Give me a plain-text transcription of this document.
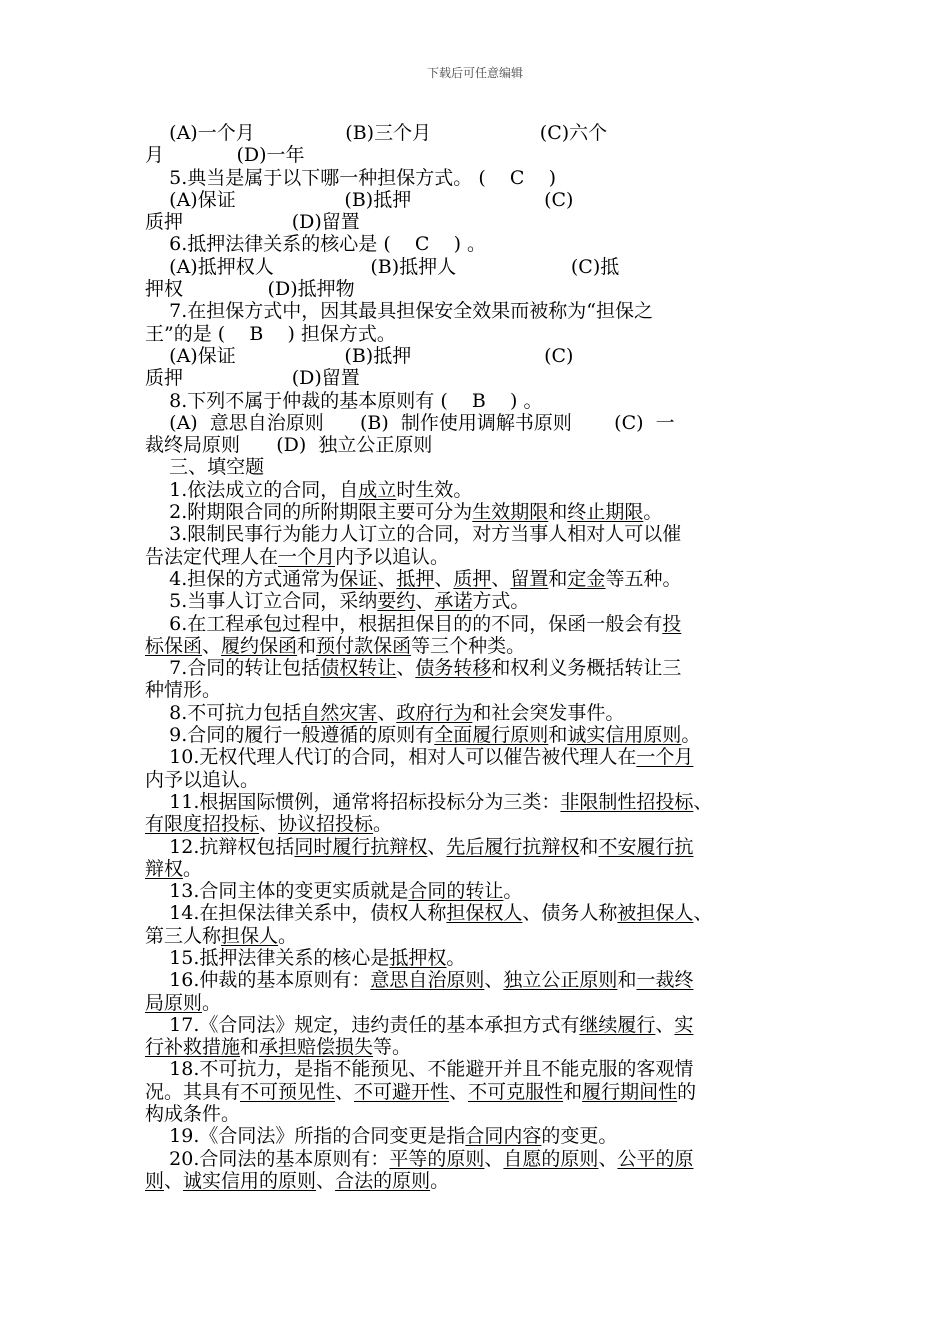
下载后可任意编辑

(A)一个月               (B)三个月                  (C)六个

月            (D)一年

5.典当是属于以下哪一种担保方式。 (    C    )

(A)保证                  (B)抵押                      (C)

质押                  (D)留置

6.抵押法律关系的核心是 (    C    ) 。

(A)抵押权人                (B)抵押人                   (C)抵

押权              (D)抵押物

7.在担保方式中，因其最具担保安全效果而被称为“担保之

王”的是 (    B    ) 担保方式。

(A)保证                  (B)抵押                      (C)

质押                  (D)留置

8.下列不属于仲裁的基本原则有 (    B    ) 。

(A)  意思自治原则      (B)  制作使用调解书原则       (C)  一

裁终局原则      (D)  独立公正原则

三、填空题

1.依法成立的合同，自成立时生效。

2.附期限合同的所附期限主要可分为生效期限和终止期限。

3.限制民事行为能力人订立的合同，对方当事人相对人可以催

告法定代理人在一个月内予以追认。

4.担保的方式通常为保证、抵押、质押、留置和定金等五种。

5.当事人订立合同，采纳要约、承诺方式。

6.在工程承包过程中，根据担保目的的不同，保函一般会有投

标保函、履约保函和预付款保函等三个种类。

7.合同的转让包括债权转让、债务转移和权利义务概括转让三

种情形。

8.不可抗力包括自然灾害、政府行为和社会突发事件。

9.合同的履行一般遵循的原则有全面履行原则和诚实信用原则。

10.无权代理人代订的合同，相对人可以催告被代理人在一个月

内予以追认。

11.根据国际惯例，通常将招标投标分为三类：非限制性招投标、

有限度招投标、协议招投标。

12.抗辩权包括同时履行抗辩权、先后履行抗辩权和不安履行抗

辩权。

13.合同主体的变更实质就是合同的转让。

14.在担保法律关系中，债权人称担保权人、债务人称被担保人、

第三人称担保人。

15.抵押法律关系的核心是抵押权。

16.仲裁的基本原则有：意思自治原则、独立公正原则和一裁终

局原则。

17.《合同法》规定，违约责任的基本承担方式有继续履行、实

行补救措施和承担赔偿损失等。

18.不可抗力，是指不能预见、不能避开并且不能克服的客观情

况。其具有不可预见性、不可避开性、不可克服性和履行期间性的

构成条件。

19.《合同法》所指的合同变更是指合同内容的变更。

20.合同法的基本原则有：平等的原则、自愿的原则、公平的原

则、诚实信用的原则、合法的原则。
